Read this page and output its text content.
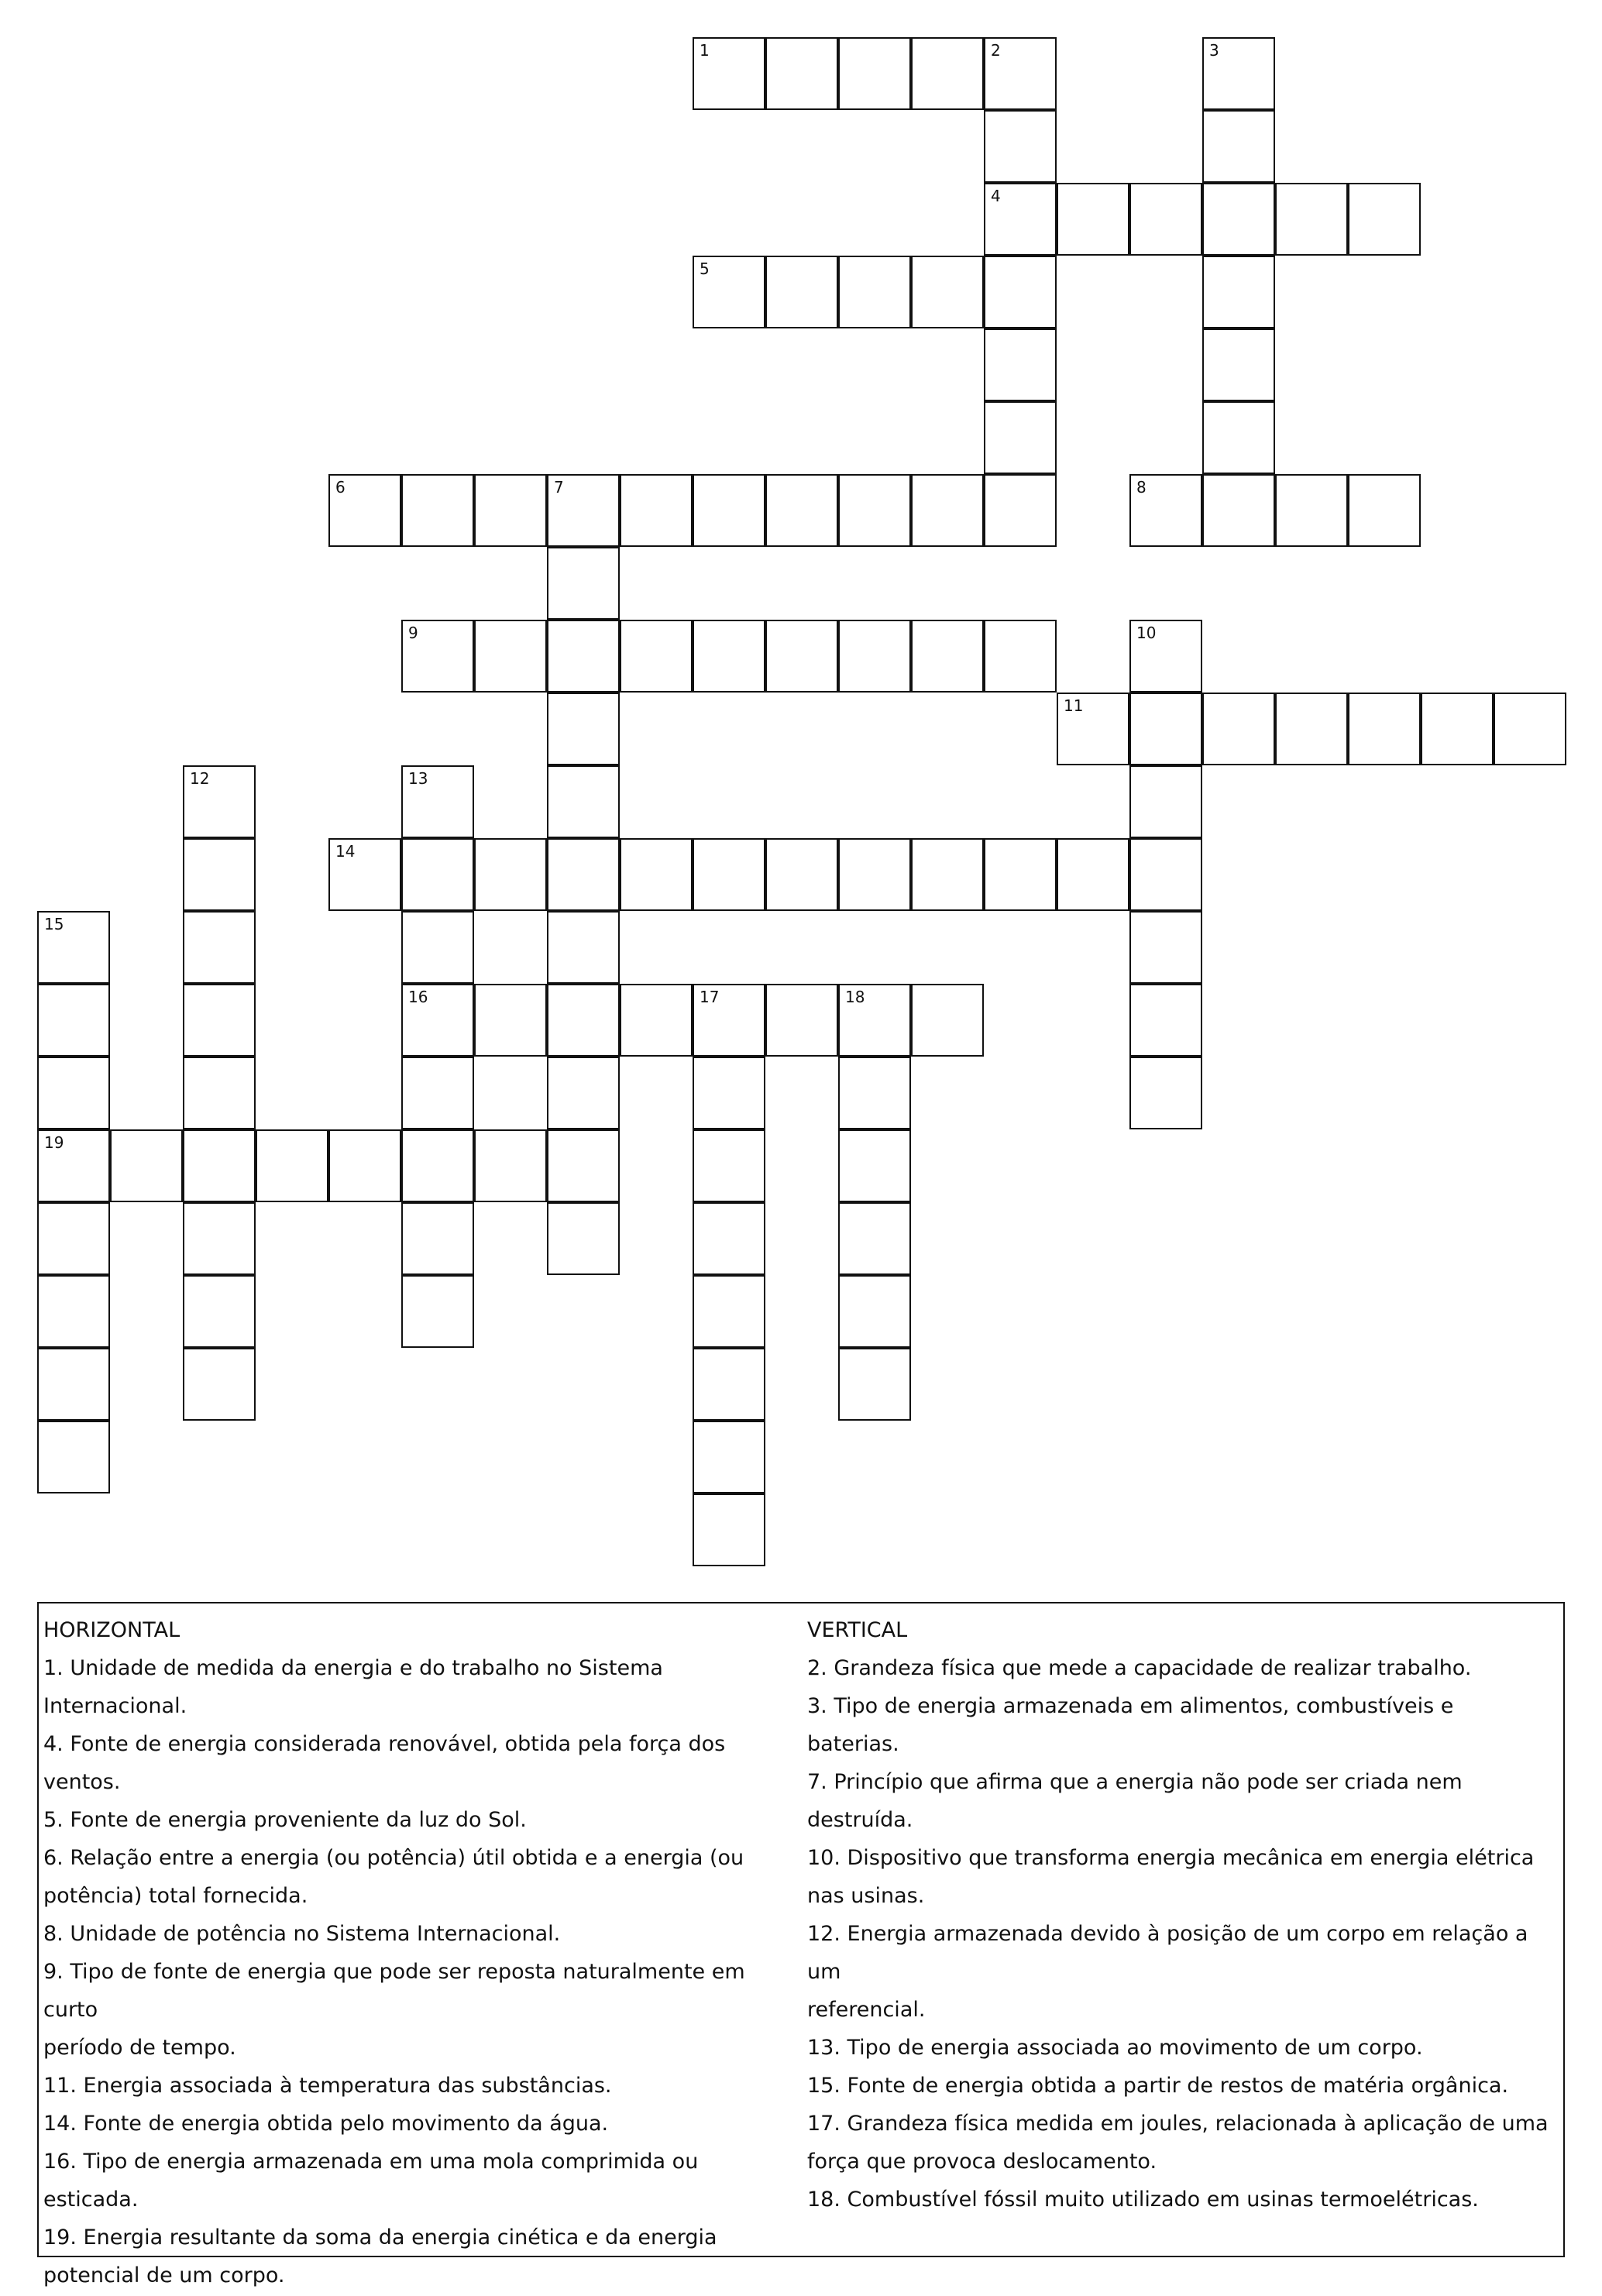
1	2
4
3
5
6	7	8
9	10
11
12	13
16
14
15
19
17	18

HORIZONTAL

1. Unidade de medida da energia e do trabalho no Sistema

Internacional.

4. Fonte de energia considerada renovável, obtida pela força dos

ventos.

5. Fonte de energia proveniente da luz do Sol.

6. Relação entre a energia (ou potência) útil obtida e a energia (ou

potência) total fornecida.

8. Unidade de potência no Sistema Internacional.

9. Tipo de fonte de energia que pode ser reposta naturalmente em curto

período de tempo.

11. Energia associada à temperatura das substâncias.

14. Fonte de energia obtida pelo movimento da água.

16. Tipo de energia armazenada em uma mola comprimida ou esticada.

19. Energia resultante da soma da energia cinética e da energia

potencial de um corpo.

VERTICAL

2. Grandeza física que mede a capacidade de realizar trabalho.

3. Tipo de energia armazenada em alimentos, combustíveis e baterias.

7. Princípio que afirma que a energia não pode ser criada nem

destruída.

10. Dispositivo que transforma energia mecânica em energia elétrica

nas usinas.

12. Energia armazenada devido à posição de um corpo em relação a um

referencial.

13. Tipo de energia associada ao movimento de um corpo.

15. Fonte de energia obtida a partir de restos de matéria orgânica.

17. Grandeza física medida em joules, relacionada à aplicação de uma

força que provoca deslocamento.

18. Combustível fóssil muito utilizado em usinas termoelétricas.
